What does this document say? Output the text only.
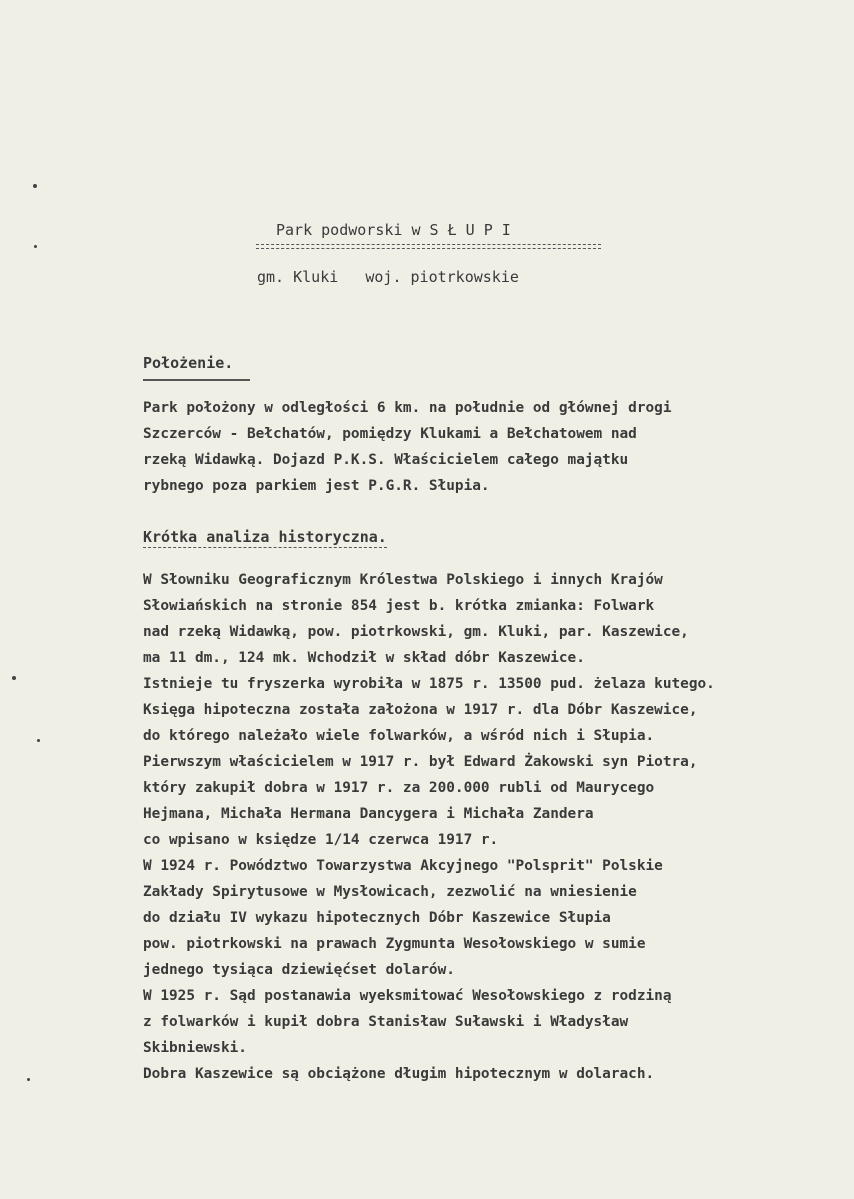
Park podworski w S Ł U P I
gm. Kluki   woj. piotrkowskie
Położenie.
Park położony w odległości 6 km. na południe od głównej drogi
Szczerców - Bełchatów, pomiędzy Klukami a Bełchatowem nad
rzeką Widawką. Dojazd P.K.S. Właścicielem całego majątku
rybnego poza parkiem jest P.G.R. Słupia.
Krótka analiza historyczna.
W Słowniku Geograficznym Królestwa Polskiego i innych Krajów
Słowiańskich na stronie 854 jest b. krótka zmianka: Folwark
nad rzeką Widawką, pow. piotrkowski, gm. Kluki, par. Kaszewice,
ma 11 dm., 124 mk. Wchodził w skład dóbr Kaszewice.
Istnieje tu fryszerka wyrobiła w 1875 r. 13500 pud. żelaza kutego.
Księga hipoteczna została założona w 1917 r. dla Dóbr Kaszewice,
do którego należało wiele folwarków, a wśród nich i Słupia.
Pierwszym właścicielem w 1917 r. był Edward Żakowski syn Piotra,
który zakupił dobra w 1917 r. za 200.000 rubli od Maurycego
Hejmana, Michała Hermana Dancygera i Michała Zandera
co wpisano w księdze 1/14 czerwca 1917 r.
W 1924 r. Powództwo Towarzystwa Akcyjnego "Polsprit" Polskie
Zakłady Spirytusowe w Mysłowicach, zezwolić na wniesienie
do działu IV wykazu hipotecznych Dóbr Kaszewice Słupia
pow. piotrkowski na prawach Zygmunta Wesołowskiego w sumie
jednego tysiąca dziewięćset dolarów.
W 1925 r. Sąd postanawia wyeksmitować Wesołowskiego z rodziną
z folwarków i kupił dobra Stanisław Suławski i Władysław
Skibniewski.
Dobra Kaszewice są obciążone długim hipotecznym w dolarach.
